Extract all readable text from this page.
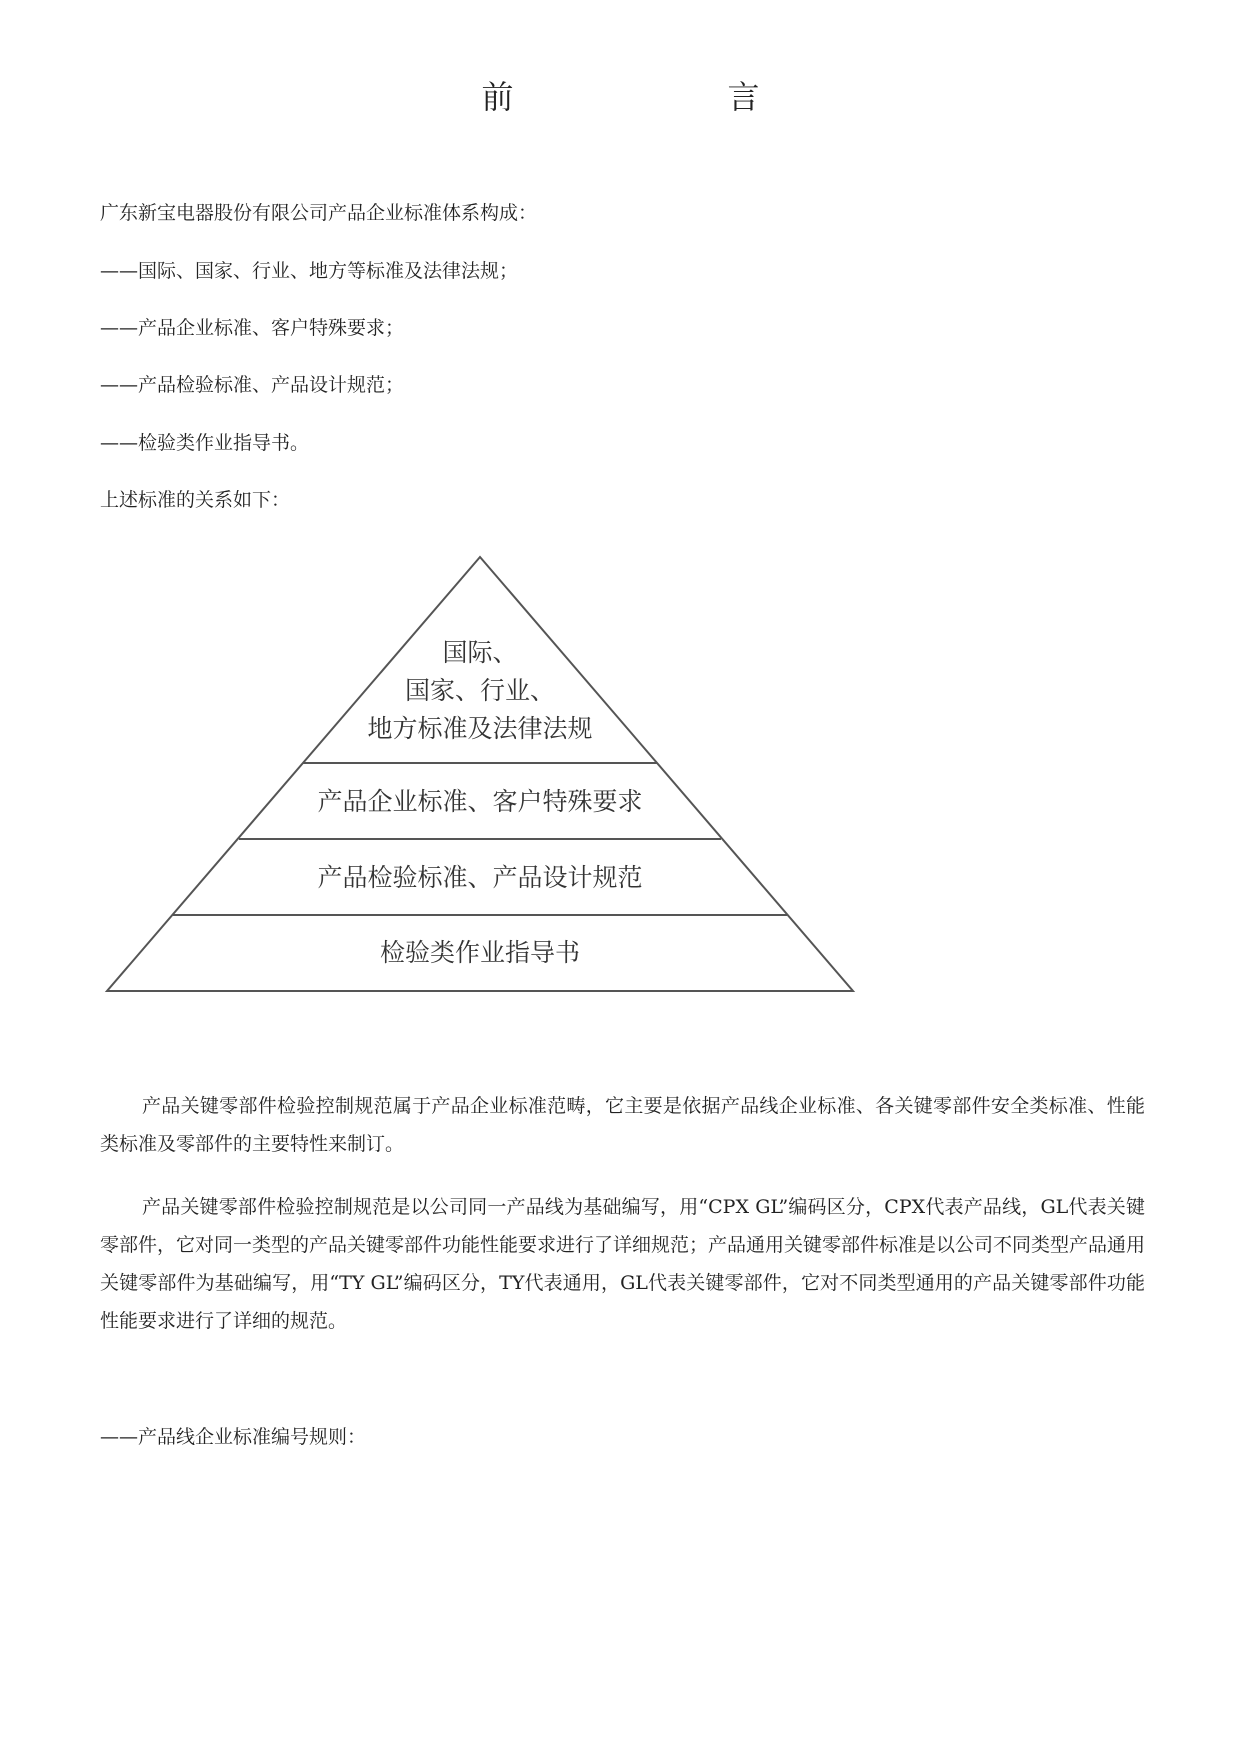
前　　言
广东新宝电器股份有限公司产品企业标准体系构成：
——国际、国家、行业、地方等标准及法律法规；
——产品企业标准、客户特殊要求；
——产品检验标准、产品设计规范；
——检验类作业指导书。
上述标准的关系如下：
国际、
国家、行业、
地方标准及法律法规
产品企业标准、客户特殊要求
产品检验标准、产品设计规范
检验类作业指导书
产品关键零部件检验控制规范属于产品企业标准范畴，它主要是依据产品线企业标准、各关键零部件安全类标准、性能类标准及零部件的主要特性来制订。
产品关键零部件检验控制规范是以公司同一产品线为基础编写，用“CPX GL”编码区分，CPX代表产品线，GL代表关键零部件，它对同一类型的产品关键零部件功能性能要求进行了详细规范；产品通用关键零部件标准是以公司不同类型产品通用关键零部件为基础编写，用“TY GL”编码区分，TY代表通用，GL代表关键零部件，它对不同类型通用的产品关键零部件功能性能要求进行了详细的规范。
——产品线企业标准编号规则：
